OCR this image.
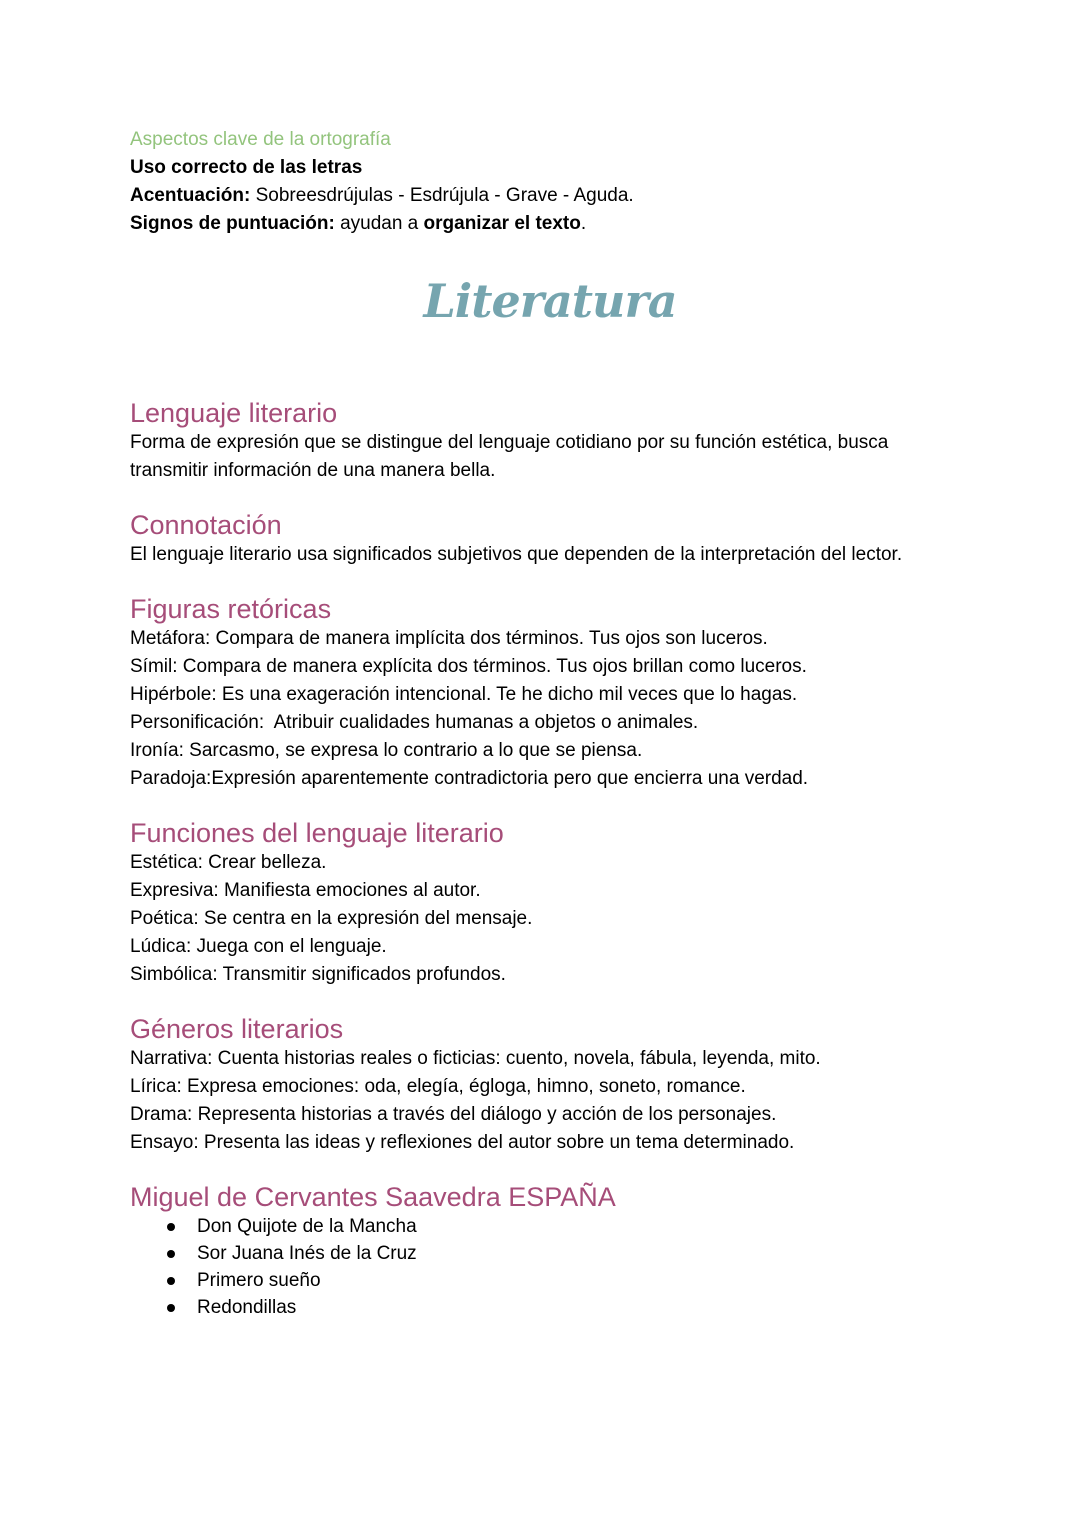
Aspectos clave de la ortografía
Uso correcto de las letras
Acentuación: Sobreesdrújulas - Esdrújula - Grave - Aguda.
Signos de puntuación: ayudan a organizar el texto.
Literatura
Lenguaje literario
Forma de expresión que se distingue del lenguaje cotidiano por su función estética, busca
transmitir información de una manera bella.
Connotación
El lenguaje literario usa significados subjetivos que dependen de la interpretación del lector.
Figuras retóricas
Metáfora: Compara de manera implícita dos términos. Tus ojos son luceros.
Símil: Compara de manera explícita dos términos. Tus ojos brillan como luceros.
Hipérbole: Es una exageración intencional. Te he dicho mil veces que lo hagas.
Personificación:  Atribuir cualidades humanas a objetos o animales.
Ironía: Sarcasmo, se expresa lo contrario a lo que se piensa.
Paradoja:Expresión aparentemente contradictoria pero que encierra una verdad.
Funciones del lenguaje literario
Estética: Crear belleza.
Expresiva: Manifiesta emociones al autor.
Poética: Se centra en la expresión del mensaje.
Lúdica: Juega con el lenguaje.
Simbólica: Transmitir significados profundos.
Géneros literarios
Narrativa: Cuenta historias reales o ficticias: cuento, novela, fábula, leyenda, mito.
Lírica: Expresa emociones: oda, elegía, égloga, himno, soneto, romance.
Drama: Representa historias a través del diálogo y acción de los personajes.
Ensayo: Presenta las ideas y reflexiones del autor sobre un tema determinado.
Miguel de Cervantes Saavedra ESPAÑA
Don Quijote de la Mancha
Sor Juana Inés de la Cruz
Primero sueño
Redondillas
